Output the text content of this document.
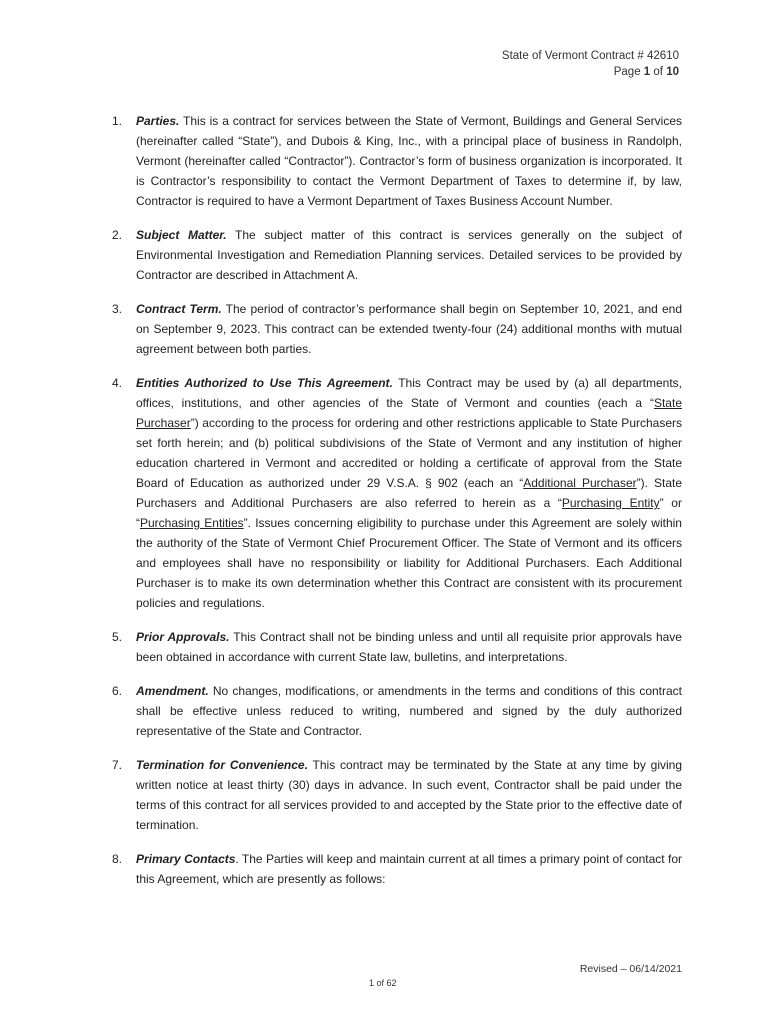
State of Vermont Contract # 42610
Page 1 of 10
1. Parties. This is a contract for services between the State of Vermont, Buildings and General Services (hereinafter called “State”), and Dubois & King, Inc., with a principal place of business in Randolph, Vermont (hereinafter called “Contractor”). Contractor’s form of business organization is incorporated. It is Contractor’s responsibility to contact the Vermont Department of Taxes to determine if, by law, Contractor is required to have a Vermont Department of Taxes Business Account Number.
2. Subject Matter. The subject matter of this contract is services generally on the subject of Environmental Investigation and Remediation Planning services. Detailed services to be provided by Contractor are described in Attachment A.
3. Contract Term. The period of contractor’s performance shall begin on September 10, 2021, and end on September 9, 2023. This contract can be extended twenty-four (24) additional months with mutual agreement between both parties.
4. Entities Authorized to Use This Agreement. This Contract may be used by (a) all departments, offices, institutions, and other agencies of the State of Vermont and counties (each a “State Purchaser”) according to the process for ordering and other restrictions applicable to State Purchasers set forth herein; and (b) political subdivisions of the State of Vermont and any institution of higher education chartered in Vermont and accredited or holding a certificate of approval from the State Board of Education as authorized under 29 V.S.A. § 902 (each an “Additional Purchaser”). State Purchasers and Additional Purchasers are also referred to herein as a “Purchasing Entity” or “Purchasing Entities”. Issues concerning eligibility to purchase under this Agreement are solely within the authority of the State of Vermont Chief Procurement Officer. The State of Vermont and its officers and employees shall have no responsibility or liability for Additional Purchasers. Each Additional Purchaser is to make its own determination whether this Contract are consistent with its procurement policies and regulations.
5. Prior Approvals. This Contract shall not be binding unless and until all requisite prior approvals have been obtained in accordance with current State law, bulletins, and interpretations.
6. Amendment. No changes, modifications, or amendments in the terms and conditions of this contract shall be effective unless reduced to writing, numbered and signed by the duly authorized representative of the State and Contractor.
7. Termination for Convenience. This contract may be terminated by the State at any time by giving written notice at least thirty (30) days in advance. In such event, Contractor shall be paid under the terms of this contract for all services provided to and accepted by the State prior to the effective date of termination.
8. Primary Contacts. The Parties will keep and maintain current at all times a primary point of contact for this Agreement, which are presently as follows:
Revised – 06/14/2021
1 of 62
